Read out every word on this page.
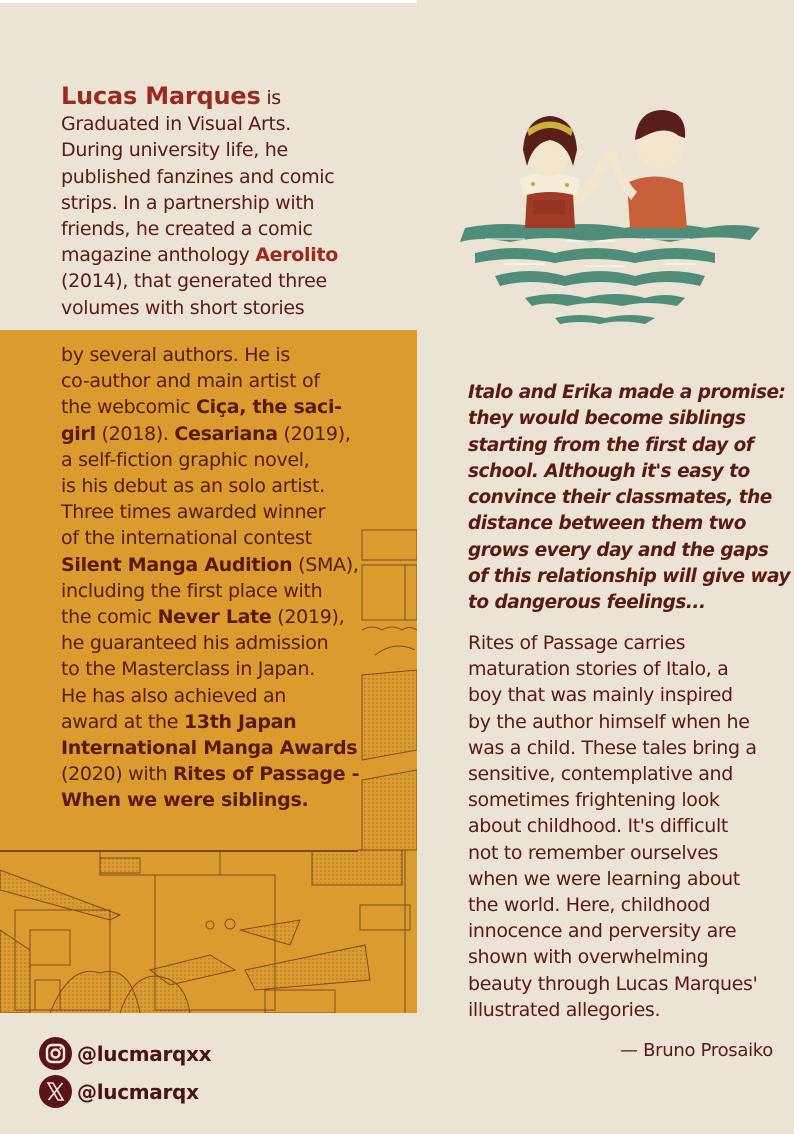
Lucas Marques is
Graduated in Visual Arts.
During university life, he
published fanzines and comic
strips. In a partnership with
friends, he created a comic
magazine anthology Aerolito
(2014), that generated three
volumes with short stories
by several authors. He is
co-author and main artist of
the webcomic Ciça, the saci-
girl (2018). Cesariana (2019),
a self-fiction graphic novel,
is his debut as an solo artist.
Three times awarded winner
of the international contest
Silent Manga Audition (SMA),
including the first place with
the comic Never Late (2019),
he guaranteed his admission
to the Masterclass in Japan.
He has also achieved an
award at the 13th Japan
International Manga Awards
(2020) with Rites of Passage -
When we were siblings.
Italo and Erika made a promise:
they would become siblings
starting from the first day of
school. Although it's easy to
convince their classmates, the
distance between them two
grows every day and the gaps
of this relationship will give way
to dangerous feelings...
Rites of Passage carries
maturation stories of Italo, a
boy that was mainly inspired
by the author himself when he
was a child. These tales bring a
sensitive, contemplative and
sometimes frightening look
about childhood. It's difficult
not to remember ourselves
when we were learning about
the world. Here, childhood
innocence and perversity are
shown with overwhelming
beauty through Lucas Marques'
illustrated allegories.
— Bruno Prosaiko
@lucmarqxx
@lucmarqx
